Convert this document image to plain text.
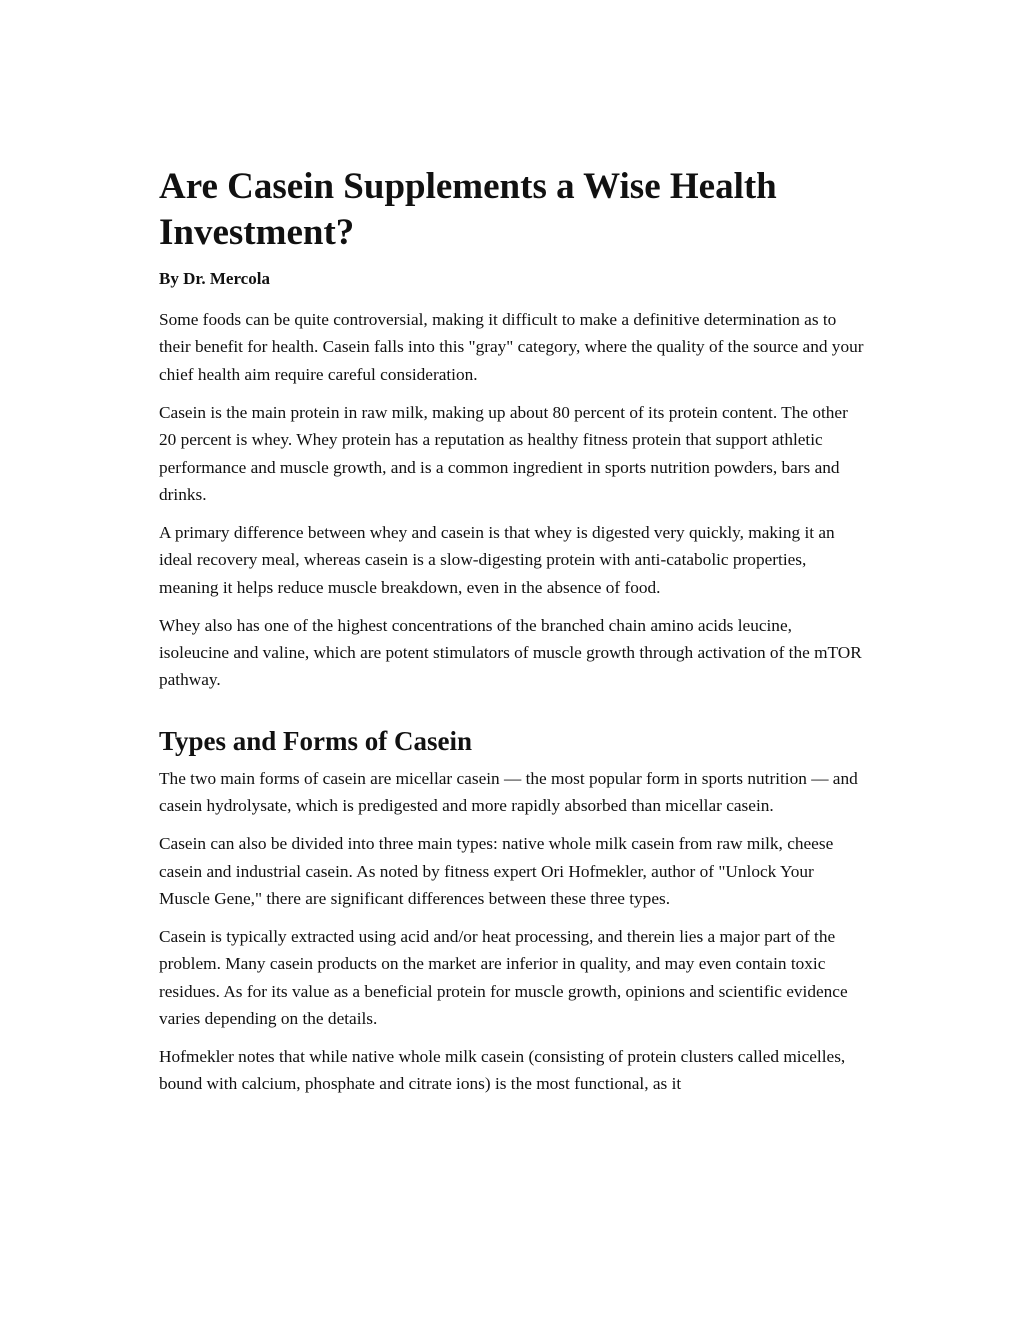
Are Casein Supplements a Wise Health Investment?
By Dr. Mercola

Some foods can be quite controversial, making it difficult to make a definitive determination as to their benefit for health. Casein falls into this "gray" category, where the quality of the source and your chief health aim require careful consideration.

Casein is the main protein in raw milk, making up about 80 percent of its protein content. The other 20 percent is whey. Whey protein has a reputation as healthy fitness protein that support athletic performance and muscle growth, and is a common ingredient in sports nutrition powders, bars and drinks.

A primary difference between whey and casein is that whey is digested very quickly, making it an ideal recovery meal, whereas casein is a slow-digesting protein with anti-catabolic properties, meaning it helps reduce muscle breakdown, even in the absence of food.

Whey also has one of the highest concentrations of the branched chain amino acids leucine, isoleucine and valine, which are potent stimulators of muscle growth through activation of the mTOR pathway.

Types and Forms of Casein

The two main forms of casein are micellar casein — the most popular form in sports nutrition — and casein hydrolysate, which is predigested and more rapidly absorbed than micellar casein.

Casein can also be divided into three main types: native whole milk casein from raw milk, cheese casein and industrial casein. As noted by fitness expert Ori Hofmekler, author of "Unlock Your Muscle Gene," there are significant differences between these three types.

Casein is typically extracted using acid and/or heat processing, and therein lies a major part of the problem. Many casein products on the market are inferior in quality, and may even contain toxic residues. As for its value as a beneficial protein for muscle growth, opinions and scientific evidence varies depending on the details.

Hofmekler notes that while native whole milk casein (consisting of protein clusters called micelles, bound with calcium, phosphate and citrate ions) is the most functional, as it
